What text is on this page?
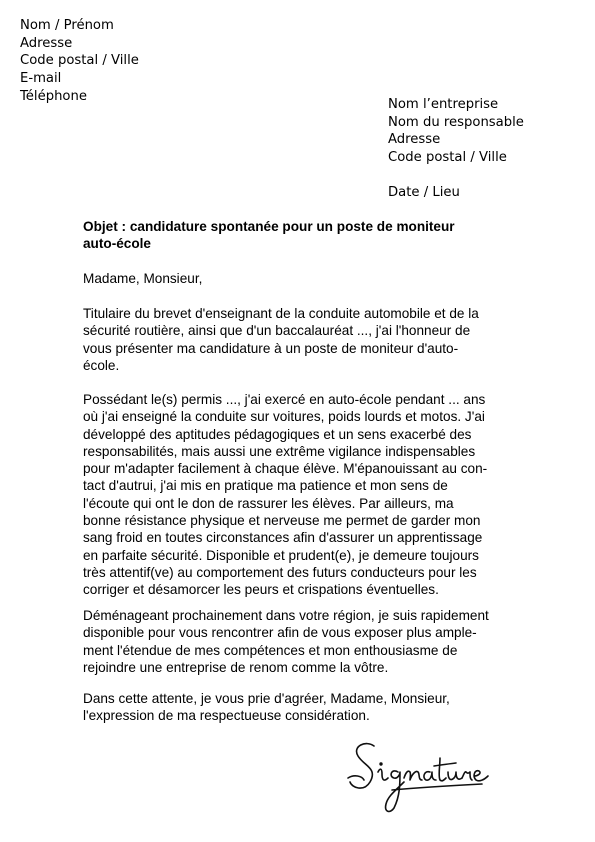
Nom / Prénom
Adresse
Code postal / Ville
E-mail
Téléphone
Nom l’entreprise
Nom du responsable
Adresse
Code postal / Ville
Date / Lieu
Objet : candidature spontanée pour un poste de moniteur
auto-école
Madame, Monsieur,
Titulaire du brevet d'enseignant de la conduite automobile et de la
sécurité routière, ainsi que d'un baccalauréat ..., j'ai l'honneur de
vous présenter ma candidature à un poste de moniteur d'auto-
école.
Possédant le(s) permis ..., j'ai exercé en auto-école pendant ... ans
où j'ai enseigné la conduite sur voitures, poids lourds et motos. J'ai
développé des aptitudes pédagogiques et un sens exacerbé des
responsabilités, mais aussi une extrême vigilance indispensables
pour m'adapter facilement à chaque élève. M'épanouissant au con-
tact d'autrui, j'ai mis en pratique ma patience et mon sens de
l'écoute qui ont le don de rassurer les élèves. Par ailleurs, ma
bonne résistance physique et nerveuse me permet de garder mon
sang froid en toutes circonstances afin d'assurer un apprentissage
en parfaite sécurité. Disponible et prudent(e), je demeure toujours
très attentif(ve) au comportement des futurs conducteurs pour les
corriger et désamorcer les peurs et crispations éventuelles.
Déménageant prochainement dans votre région, je suis rapidement
disponible pour vous rencontrer afin de vous exposer plus ample-
ment l'étendue de mes compétences et mon enthousiasme de
rejoindre une entreprise de renom comme la vôtre.
Dans cette attente, je vous prie d'agréer, Madame, Monsieur,
l'expression de ma respectueuse considération.
